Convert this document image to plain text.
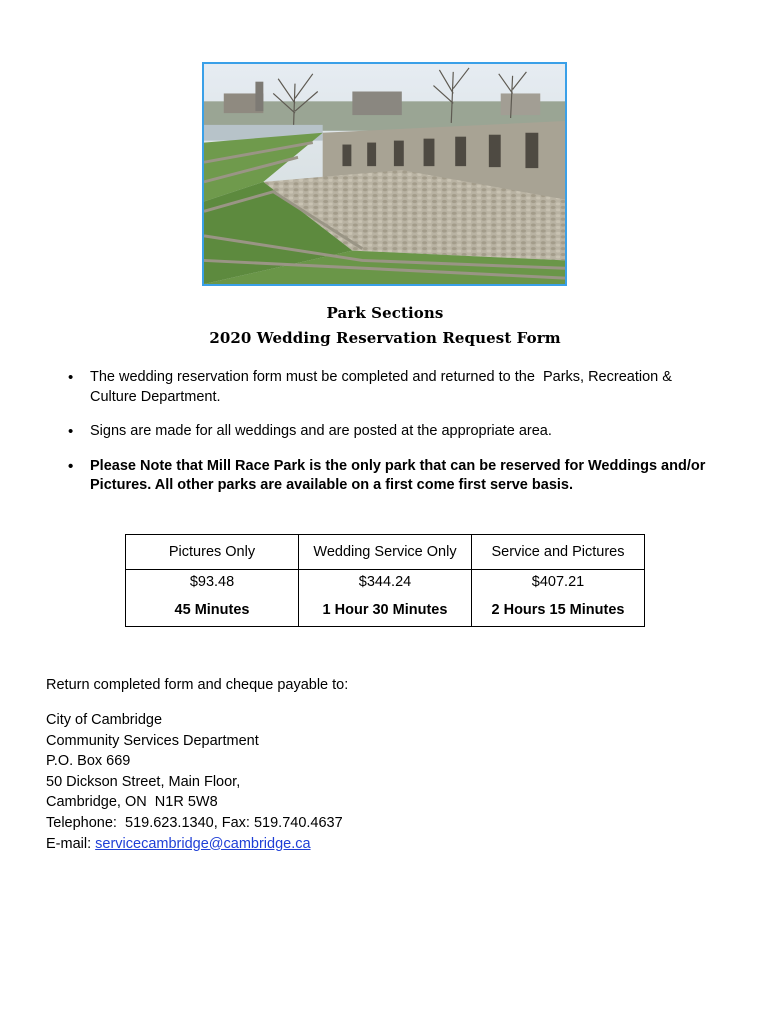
Park Sections
2020 Wedding Reservation Request Form
• The wedding reservation form must be completed and returned to the  Parks, Recreation & Culture Department.
• Signs are made for all weddings and are posted at the appropriate area.
• Please Note that Mill Race Park is the only park that can be reserved for Weddings and/or Pictures. All other parks are available on a first come first serve basis.
Pictures Only	Wedding Service Only	Service and Pictures
$93.48	$344.24	$407.21
45 Minutes	1 Hour 30 Minutes	2 Hours 15 Minutes
Return completed form and cheque payable to:
City of Cambridge
Community Services Department
P.O. Box 669
50 Dickson Street, Main Floor,
Cambridge, ON  N1R 5W8
Telephone:  519.623.1340, Fax: 519.740.4637
E-mail: servicecambridge@cambridge.ca
